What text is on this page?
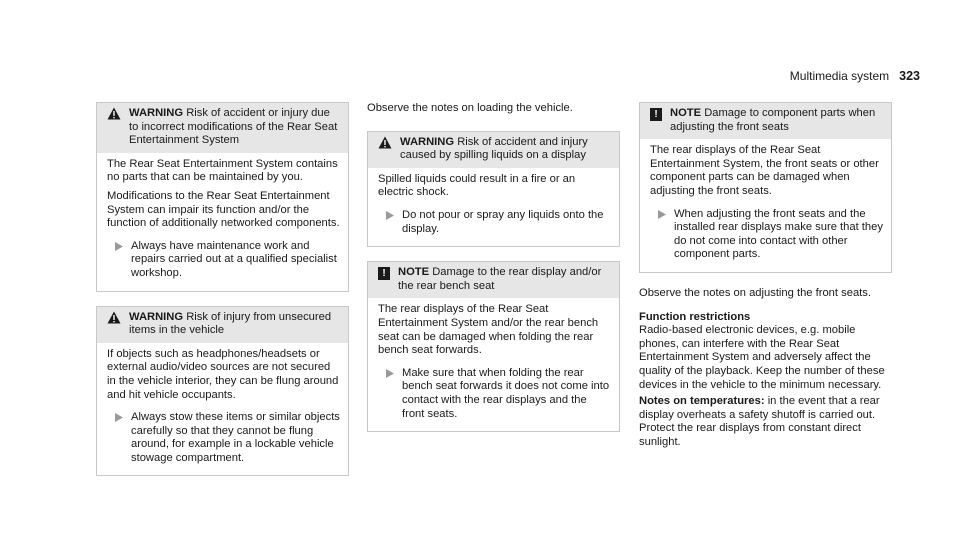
Multimedia system 323
WARNING Risk of accident or injury due to incorrect modifications of the Rear Seat Entertainment System

The Rear Seat Entertainment System contains no parts that can be maintained by you.

Modifications to the Rear Seat Entertainment System can impair its function and/or the function of additionally networked components.

Always have maintenance work and repairs carried out at a qualified specialist workshop.
WARNING Risk of injury from unsecured items in the vehicle

If objects such as headphones/headsets or external audio/video sources are not secured in the vehicle interior, they can be flung around and hit vehicle occupants.

Always stow these items or similar objects carefully so that they cannot be flung around, for example in a lockable vehicle stowage compartment.

Observe the notes on loading the vehicle.

WARNING Risk of accident and injury caused by spilling liquids on a display

Spilled liquids could result in a fire or an electric shock.

Do not pour or spray any liquids onto the display.
!	NOTE Damage to the rear display and/or the rear bench seat

The rear displays of the Rear Seat Entertainment System and/or the rear bench seat can be damaged when folding the rear bench seat forwards.

Make sure that when folding the rear bench seat forwards it does not come into contact with the rear displays and the front seats.
!	NOTE Damage to component parts when adjusting the front seats

The rear displays of the Rear Seat Entertainment System, the front seats or other component parts can be damaged when adjusting the front seats.

When adjusting the front seats and the installed rear displays make sure that they do not come into contact with other component parts.

Observe the notes on adjusting the front seats.

Function restrictions

Radio-based electronic devices, e.g. mobile phones, can interfere with the Rear Seat Entertainment System and adversely affect the quality of the playback. Keep the number of these devices in the vehicle to the minimum necessary.

Notes on temperatures: in the event that a rear display overheats a safety shutoff is carried out. Protect the rear displays from constant direct sunlight.
